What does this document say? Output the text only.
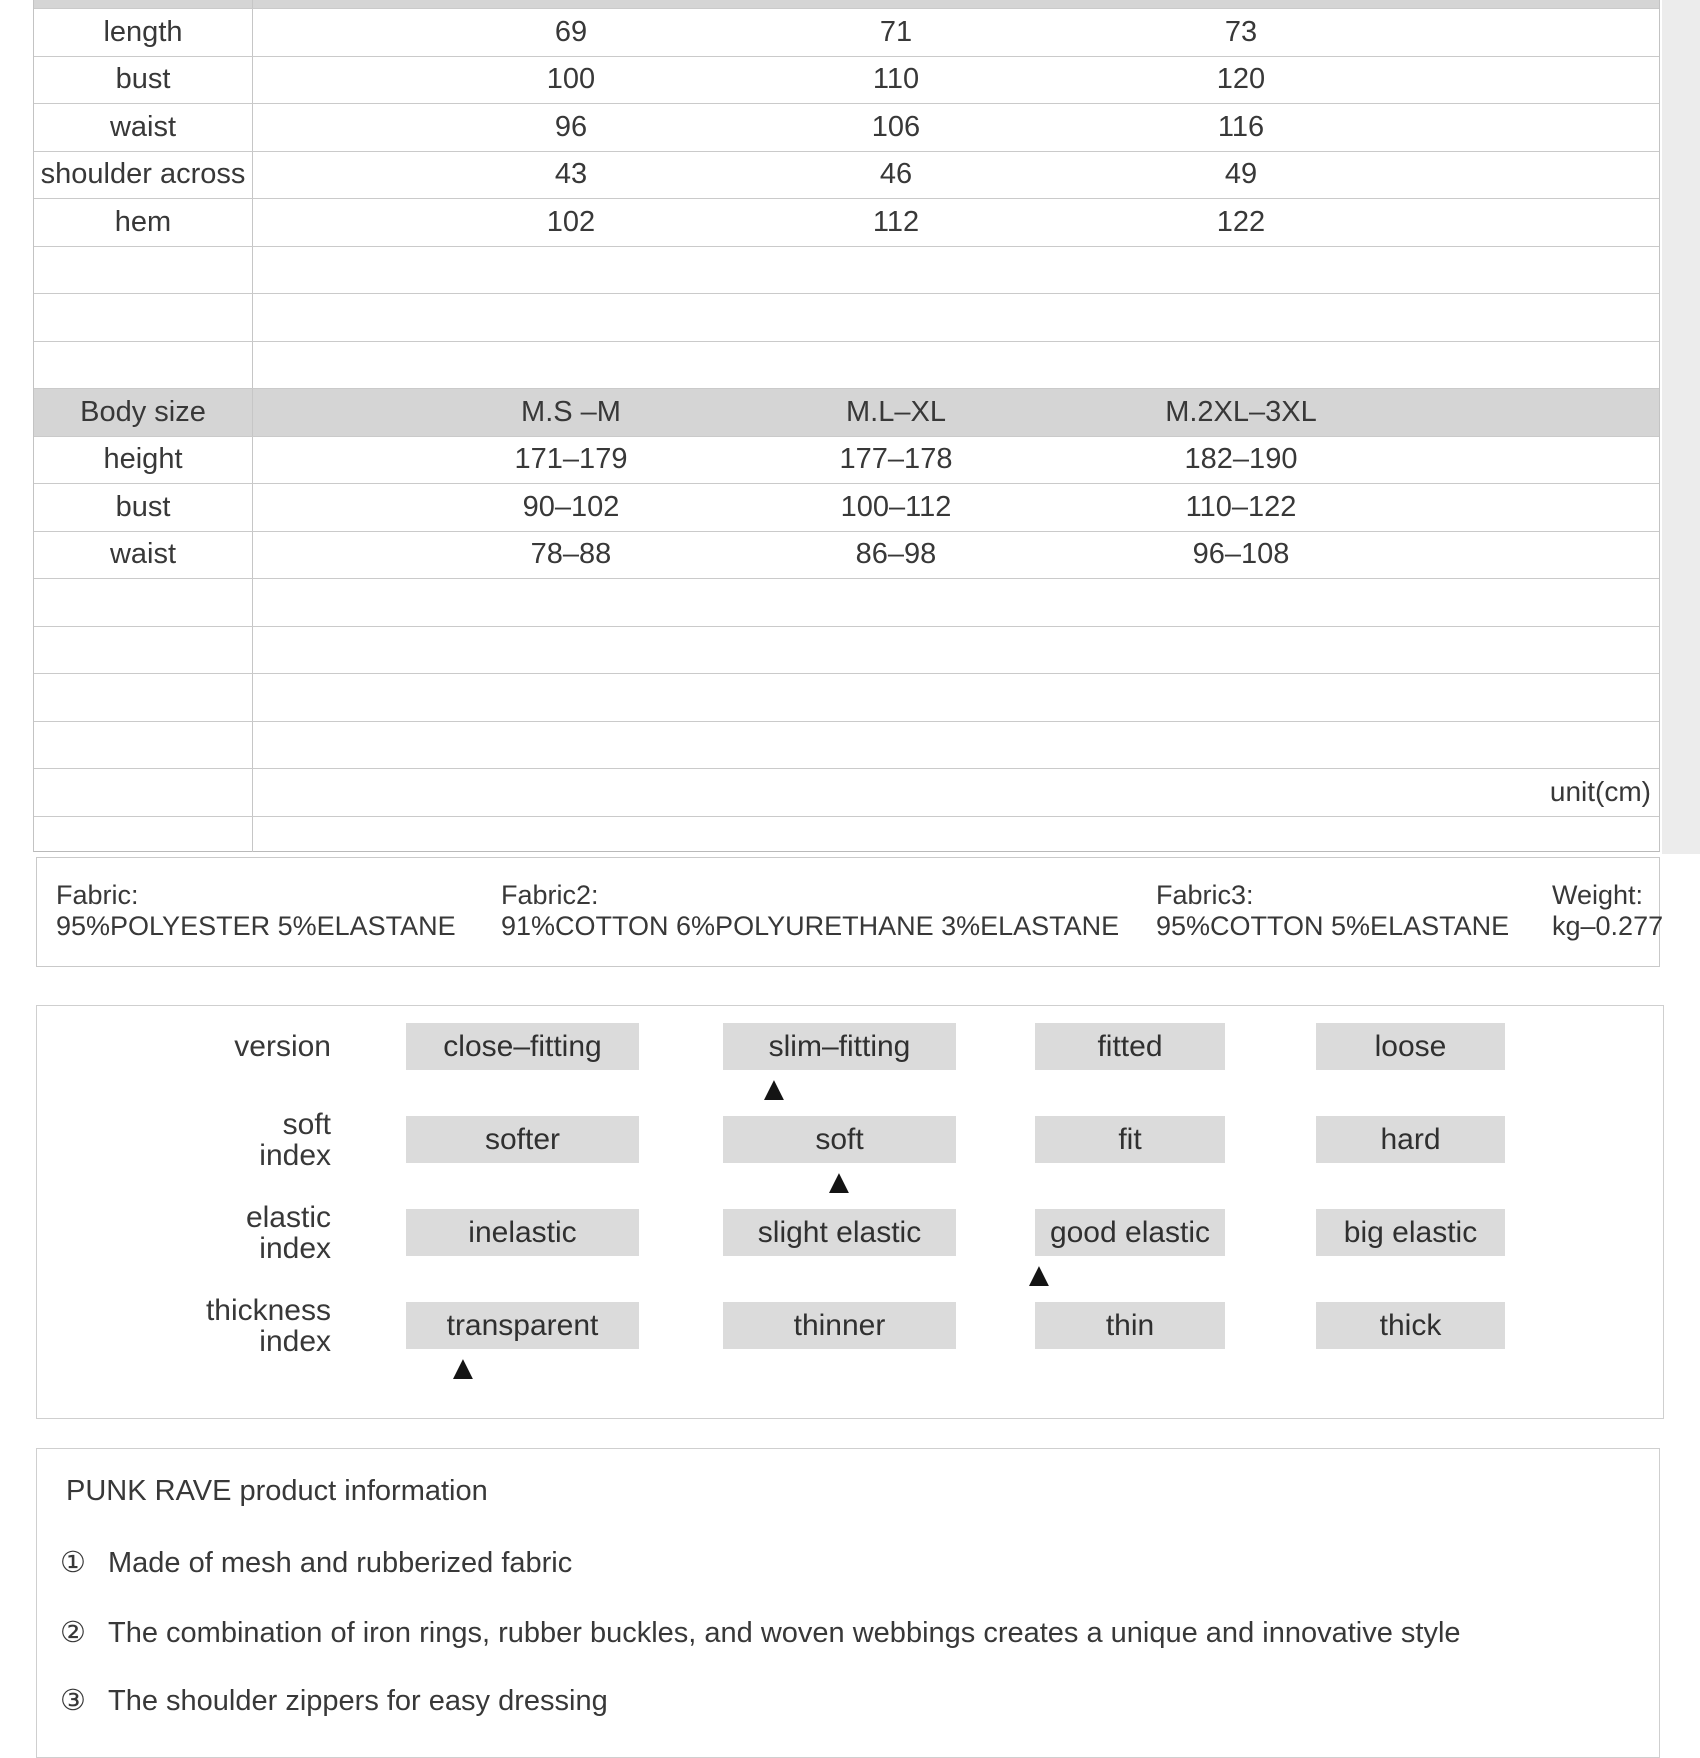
length	69	71	73
bust	100	110	120
waist	96	106	116
shoulder across	43	46	49
hem	102	112	122
Body size	M.S –M	M.L–XL	M.2XL–3XL
height	171–179	177–178	182–190
bust	90–102	100–112	110–122
waist	78–88	86–98	96–108
unit(cm)
Fabric:
95%POLYESTER 5%ELASTANE
Fabric2:
91%COTTON 6%POLYURETHANE 3%ELASTANE
Fabric3:
95%COTTON 5%ELASTANE
Weight:
kg–0.277
version	close–fitting	slim–fitting	fitted	loose
▲
soft
index	softer	soft	fit	hard
▲
elastic
index	inelastic	slight elastic	good elastic	big elastic
▲
thickness
index	transparent	thinner	thin	thick
▲
PUNK RAVE product information
① Made of mesh and rubberized fabric
② The combination of iron rings, rubber buckles, and woven webbings creates a unique and innovative style
③ The shoulder zippers for easy dressing
